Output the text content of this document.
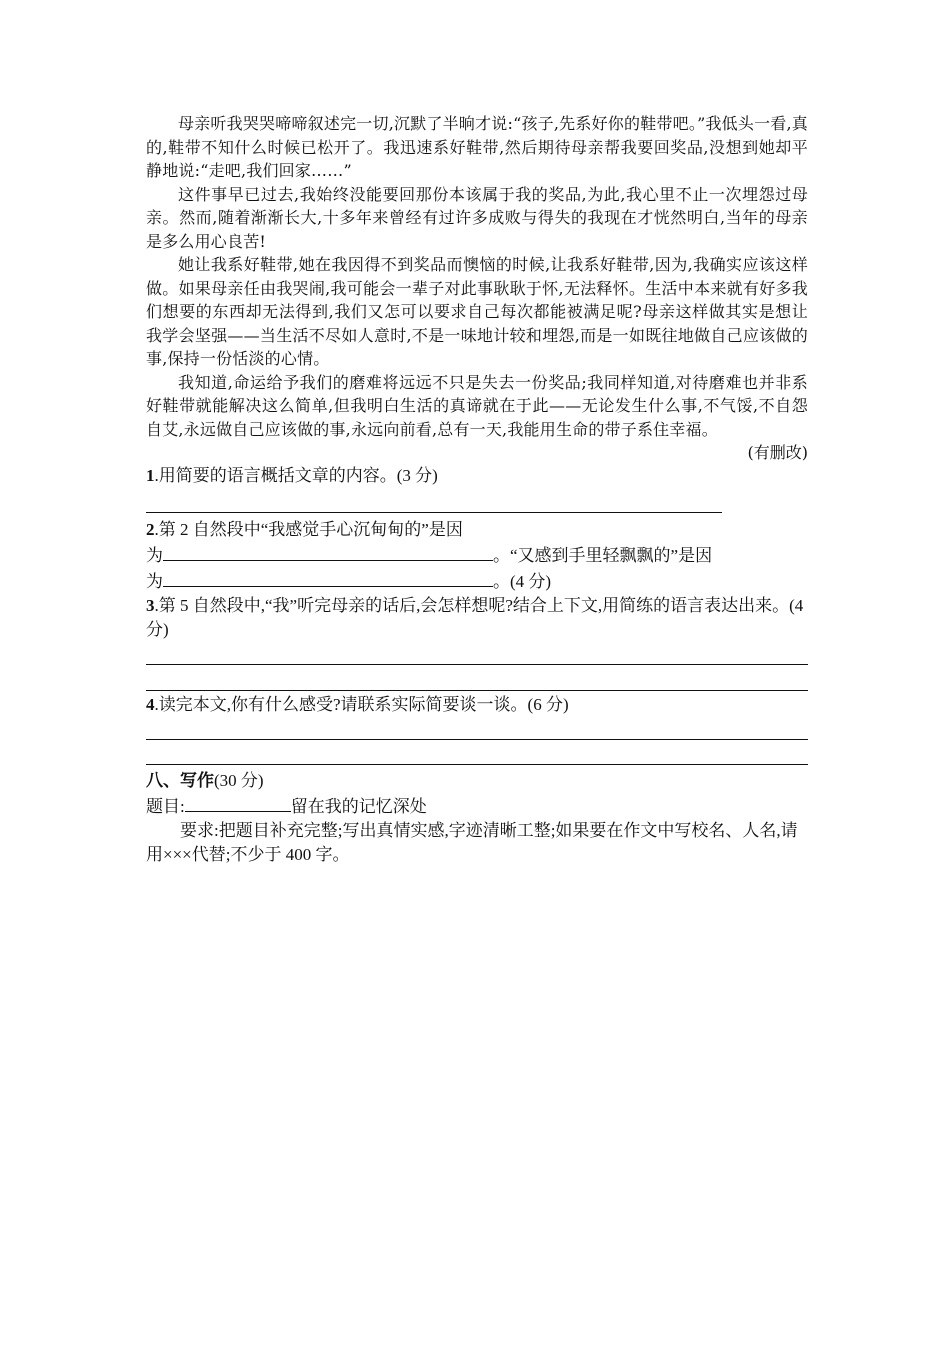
母亲听我哭哭啼啼叙述完一切,沉默了半晌才说:“孩子,先系好你的鞋带吧。”我低头一看,真的,鞋带不知什么时候已松开了。我迅速系好鞋带,然后期待母亲帮我要回奖品,没想到她却平静地说:“走吧,我们回家……”

这件事早已过去,我始终没能要回那份本该属于我的奖品,为此,我心里不止一次埋怨过母亲。然而,随着渐渐长大,十多年来曾经有过许多成败与得失的我现在才恍然明白,当年的母亲是多么用心良苦!

她让我系好鞋带,她在我因得不到奖品而懊恼的时候,让我系好鞋带,因为,我确实应该这样做。如果母亲任由我哭闹,我可能会一辈子对此事耿耿于怀,无法释怀。生活中本来就有好多我们想要的东西却无法得到,我们又怎可以要求自己每次都能被满足呢?母亲这样做其实是想让我学会坚强——当生活不尽如人意时,不是一味地计较和埋怨,而是一如既往地做自己应该做的事,保持一份恬淡的心情。

我知道,命运给予我们的磨难将远远不只是失去一份奖品;我同样知道,对待磨难也并非系好鞋带就能解决这么简单,但我明白生活的真谛就在于此——无论发生什么事,不气馁,不自怨自艾,永远做自己应该做的事,永远向前看,总有一天,我能用生命的带子系住幸福。

(有删改)

1.用简要的语言概括文章的内容。(3 分)

2.第 2 自然段中“我感觉手心沉甸甸的”是因

为	。“又感到手里轻飘飘的”是因

为	。(4 分)

3.第 5 自然段中,“我”听完母亲的话后,会怎样想呢?结合上下文,用简练的语言表达出来。(4 分)

4.读完本文,你有什么感受?请联系实际简要谈一谈。(6 分)

八、写作(30 分)

题目:	留在我的记忆深处

要求:把题目补充完整;写出真情实感,字迹清晰工整;如果要在作文中写校名、人名,请用×××代替;不少于 400 字。
